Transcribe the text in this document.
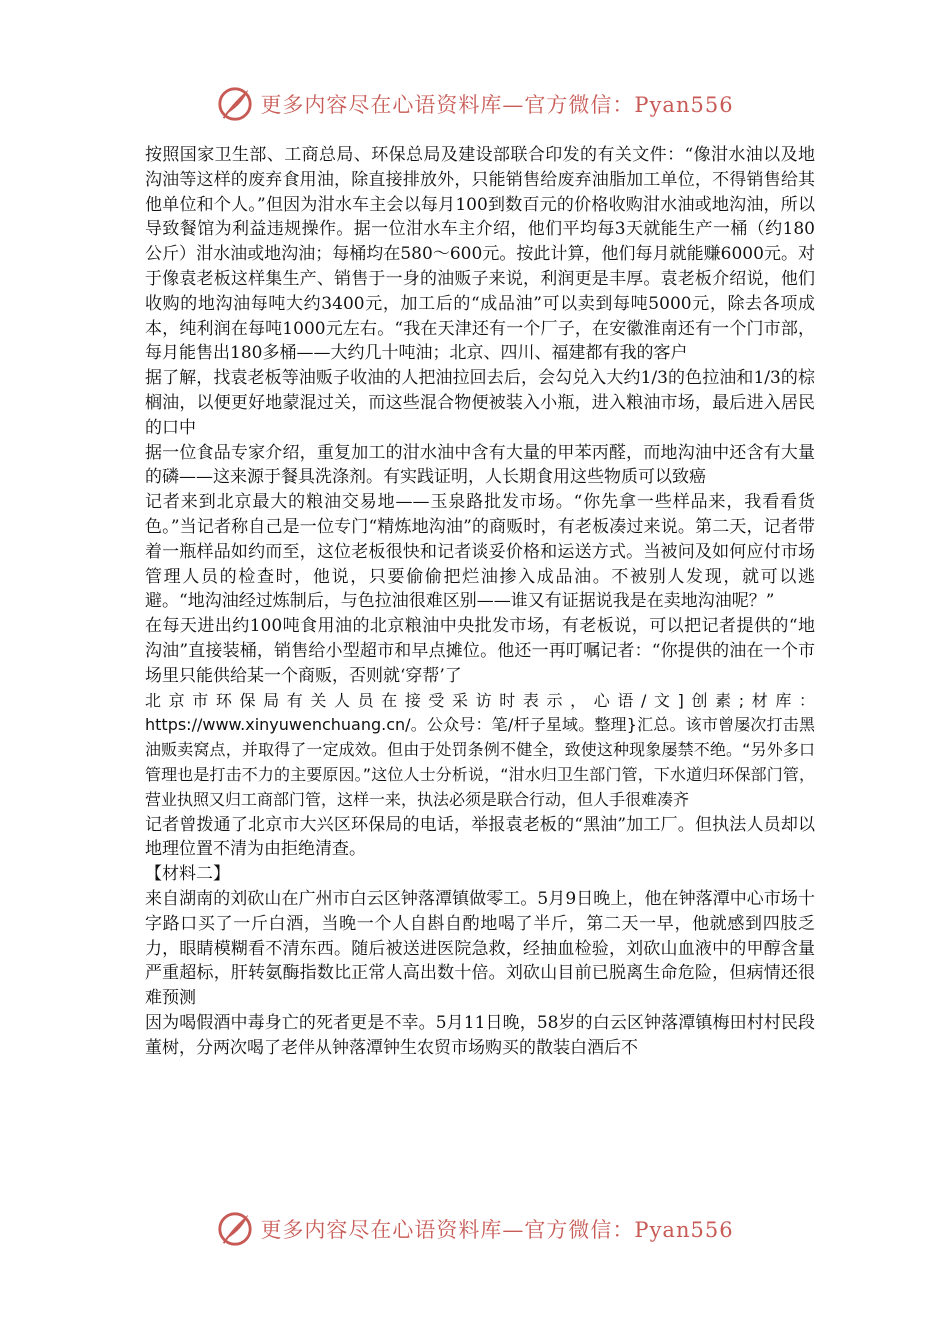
更多内容尽在心语资料库—官方微信：Pyan556

按照国家卫生部、工商总局、环保总局及建设部联合印发的有关文件：“像泔水油以及地沟油等这样的废弃食用油，除直接排放外，只能销售给废弃油脂加工单位，不得销售给其他单位和个人。”但因为泔水车主会以每月100到数百元的价格收购泔水油或地沟油，所以导致餐馆为利益违规操作。据一位泔水车主介绍，他们平均每3天就能生产一桶（约180公斤）泔水油或地沟油；每桶均在580～600元。按此计算，他们每月就能赚6000元。对于像袁老板这样集生产、销售于一身的油贩子来说，利润更是丰厚。袁老板介绍说，他们收购的地沟油每吨大约3400元，加工后的“成品油”可以卖到每吨5000元，除去各项成本，纯利润在每吨1000元左右。“我在天津还有一个厂子，在安徽淮南还有一个门市部，每月能售出180多桶——大约几十吨油；北京、四川、福建都有我的客户

据了解，找袁老板等油贩子收油的人把油拉回去后，会勾兑入大约1/3的色拉油和1/3的棕榈油，以便更好地蒙混过关，而这些混合物便被装入小瓶，进入粮油市场，最后进入居民的口中

据一位食品专家介绍，重复加工的泔水油中含有大量的甲苯丙醛，而地沟油中还含有大量的磷——这来源于餐具洗涤剂。有实践证明，人长期食用这些物质可以致癌

记者来到北京最大的粮油交易地——玉泉路批发市场。“你先拿一些样品来，我看看货色。”当记者称自己是一位专门“精炼地沟油”的商贩时，有老板凑过来说。第二天，记者带着一瓶样品如约而至，这位老板很快和记者谈妥价格和运送方式。当被问及如何应付市场管理人员的检查时，他说，只要偷偷把烂油掺入成品油。不被别人发现，就可以逃避。“地沟油经过炼制后，与色拉油很难区别——谁又有证据说我是在卖地沟油呢？”

在每天进出约100吨食用油的北京粮油中央批发市场，有老板说，可以把记者提供的“地沟油”直接装桶，销售给小型超市和早点摊位。他还一再叮嘱记者：“你提供的油在一个市场里只能供给某一个商贩，否则就‘穿帮’了

北京市环保局有关人员在接受采访时表示，心语/文]创素;材库：https://www.xinyuwenchuang.cn/。公众号：笔/杆子星域。整理}汇总。该市曾屡次打击黑油贩卖窝点，并取得了一定成效。但由于处罚条例不健全，致使这种现象屡禁不绝。“另外多口管理也是打击不力的主要原因。”这位人士分析说，“泔水归卫生部门管，下水道归环保部门管，营业执照又归工商部门管，这样一来，执法必须是联合行动，但人手很难凑齐

记者曾拨通了北京市大兴区环保局的电话，举报袁老板的“黑油”加工厂。但执法人员却以地理位置不清为由拒绝清查。

【材料二】

来自湖南的刘砍山在广州市白云区钟落潭镇做零工。5月9日晚上，他在钟落潭中心市场十字路口买了一斤白酒，当晚一个人自斟自酌地喝了半斤，第二天一早，他就感到四肢乏力，眼睛模糊看不清东西。随后被送进医院急救，经抽血检验，刘砍山血液中的甲醇含量严重超标，肝转氨酶指数比正常人高出数十倍。刘砍山目前已脱离生命危险，但病情还很难预测

因为喝假酒中毒身亡的死者更是不幸。5月11日晚，58岁的白云区钟落潭镇梅田村村民段董树，分两次喝了老伴从钟落潭钟生农贸市场购买的散装白酒后不

更多内容尽在心语资料库—官方微信：Pyan556
